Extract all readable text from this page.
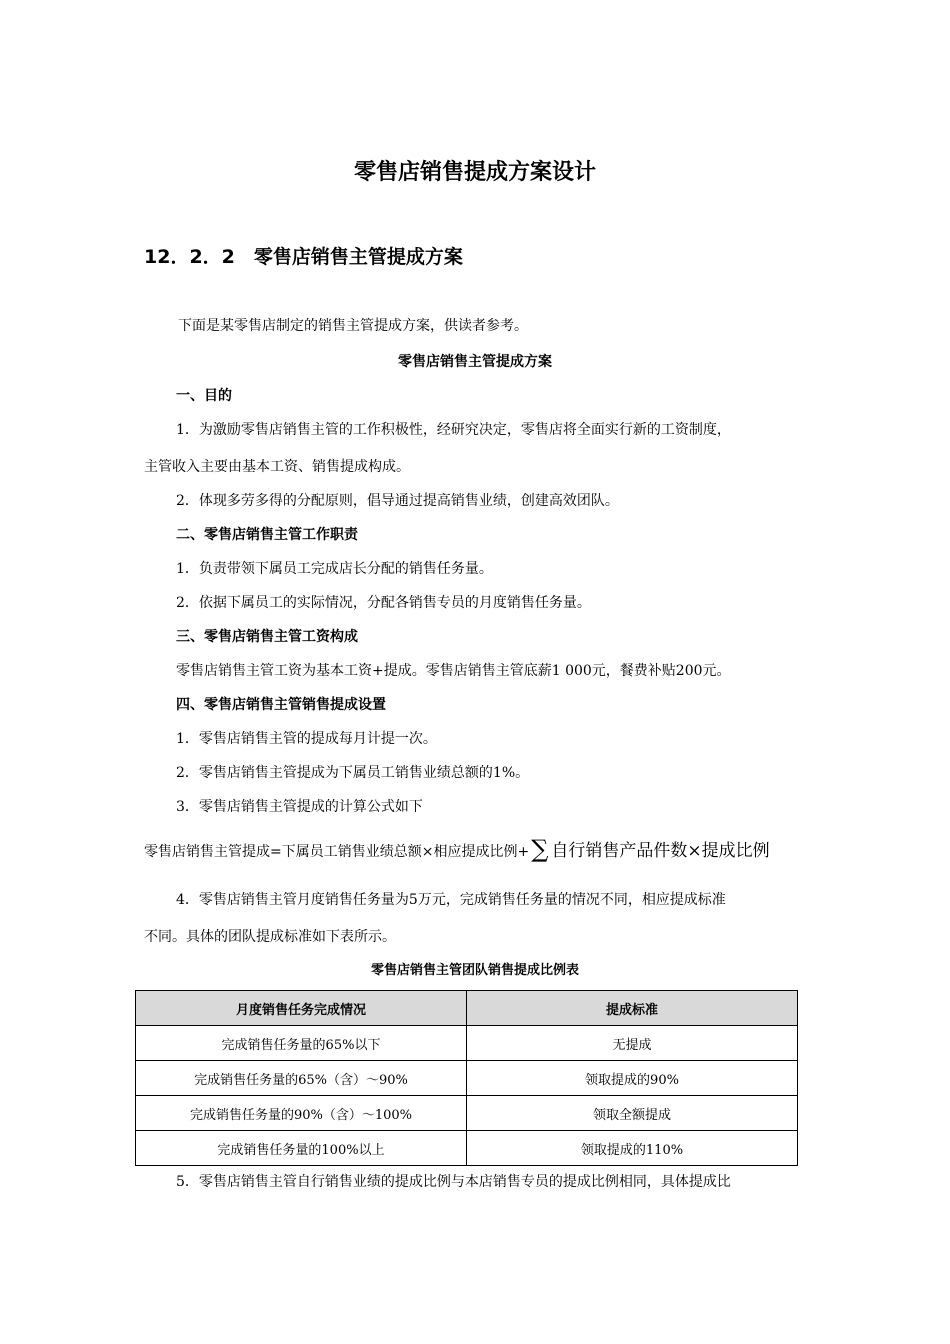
零售店销售提成方案设计
12．2．2　零售店销售主管提成方案
下面是某零售店制定的销售主管提成方案，供读者参考。
零售店销售主管提成方案
一、目的
1．为激励零售店销售主管的工作积极性，经研究决定，零售店将全面实行新的工资制度，
主管收入主要由基本工资、销售提成构成。
2．体现多劳多得的分配原则，倡导通过提高销售业绩，创建高效团队。
二、零售店销售主管工作职责
1．负责带领下属员工完成店长分配的销售任务量。
2．依据下属员工的实际情况，分配各销售专员的月度销售任务量。
三、零售店销售主管工资构成
零售店销售主管工资为基本工资+提成。零售店销售主管底薪1 000元，餐费补贴200元。
四、零售店销售主管销售提成设置
1．零售店销售主管的提成每月计提一次。
2．零售店销售主管提成为下属员工销售业绩总额的1%。
3．零售店销售主管提成的计算公式如下
零售店销售主管提成=下属员工销售业绩总额×相应提成比例+ ∑ 自行销售产品件数×提成比例
4．零售店销售主管月度销售任务量为5万元，完成销售任务量的情况不同，相应提成标准
不同。具体的团队提成标准如下表所示。
零售店销售主管团队销售提成比例表
月度销售任务完成情况	提成标准
完成销售任务量的65%以下	无提成
完成销售任务量的65%（含）～90%	领取提成的90%
完成销售任务量的90%（含）～100%	领取全额提成
完成销售任务量的100%以上	领取提成的110%
5．零售店销售主管自行销售业绩的提成比例与本店销售专员的提成比例相同，具体提成比
